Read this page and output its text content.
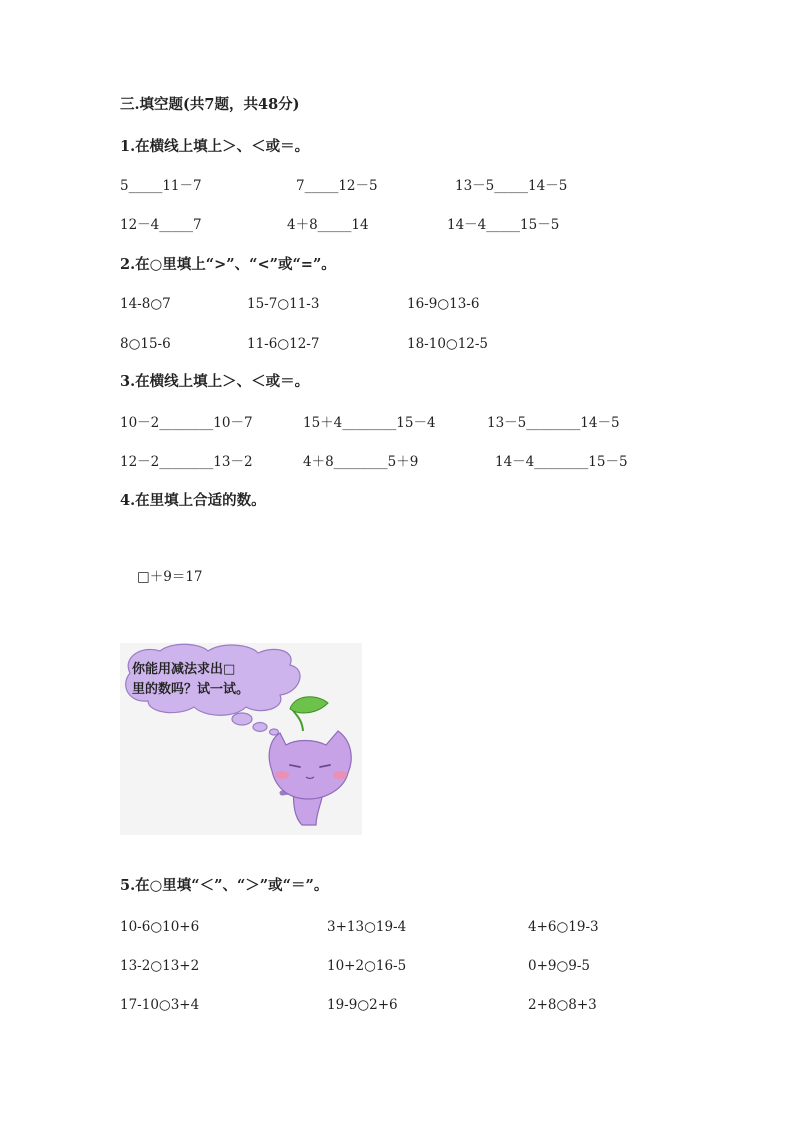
三.填空题(共7题，共48分)
1.在横线上填上＞、＜或＝。
5_____11－7	7_____12－5	13－5_____14－5
12－4_____7	4＋8_____14	14－4_____15－5
2.在○里填上“>”、“<”或“=”。
14-8○7	15-7○11-3	16-9○13-6
8○15-6	11-6○12-7	18-10○12-5
3.在横线上填上＞、＜或＝。
10－2________10－7	15＋4________15－4	13－5________14－5
12－2________13－2	4＋8________5＋9	14－4________15－5
4.在里填上合适的数。
□＋9＝17
你能用减法求出□
里的数吗？试一试。
5.在○里填“＜”、“＞”或“＝”。
10-6○10+6	3+13○19-4	4+6○19-3
13-2○13+2	10+2○16-5	0+9○9-5
17-10○3+4	19-9○2+6	2+8○8+3
